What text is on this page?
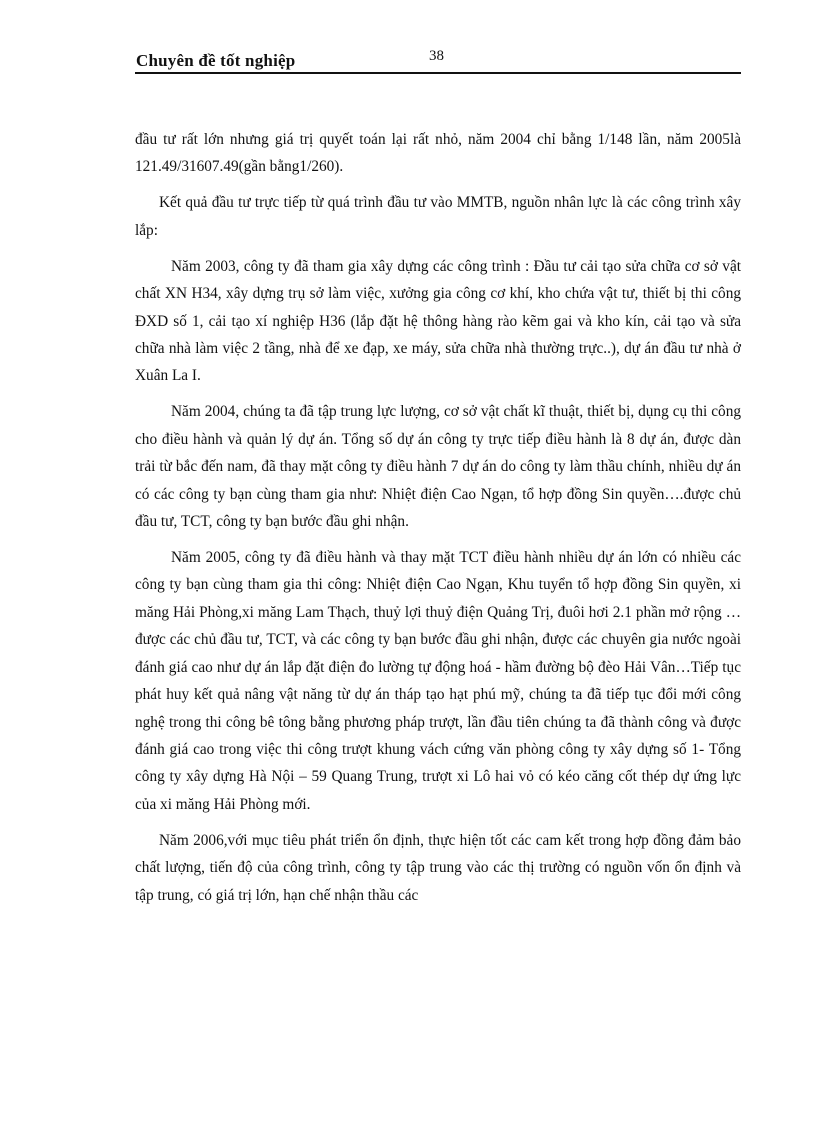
Chuyên đề tốt nghiệp	38

đầu tư rất lớn nhưng giá trị quyết toán lại rất nhỏ, năm 2004 chỉ bằng 1/148 lần, năm 2005là 121.49/31607.49(gần bằng1/260).

Kết quả đầu tư trực tiếp từ quá trình đầu tư vào MMTB, nguồn nhân lực là các công trình xây lắp:

Năm 2003, công ty đã tham gia xây dựng các công trình : Đầu tư cải tạo sửa chữa cơ sở vật chất XN H34, xây dựng trụ sở làm việc, xưởng gia công cơ khí, kho chứa vật tư, thiết bị thi công ĐXD số 1, cải tạo xí nghiệp H36 (lắp đặt hệ thông hàng rào kẽm gai và kho kín, cải tạo và sửa chữa nhà làm việc 2 tầng, nhà để xe đạp, xe máy, sửa chữa nhà thường trực..), dự án đầu tư nhà ở Xuân La I.

Năm 2004, chúng ta đã tập trung lực lượng, cơ sở vật chất kĩ thuật, thiết bị, dụng cụ thi công cho điều hành và quản lý dự án. Tổng số dự án công ty trực tiếp điều hành là 8 dự án, được dàn trải từ bắc đến nam, đã thay mặt công ty điều hành 7 dự án do công ty làm thầu chính, nhiều dự án có các công ty bạn cùng tham gia như: Nhiệt điện Cao Ngạn, tổ hợp đồng Sin quyền….được chủ đầu tư, TCT, công ty bạn bước đầu ghi nhận.

Năm 2005, công ty đã điều hành và thay mặt TCT điều hành nhiều dự án lớn có nhiều các công ty bạn cùng tham gia thi công: Nhiệt điện Cao Ngạn, Khu tuyển tổ hợp đồng Sin quyền, xi măng Hải Phòng,xi măng Lam Thạch, thuỷ lợi thuỷ điện Quảng Trị, đuôi hơi 2.1 phần mở rộng …được các chủ đầu tư, TCT, và các công ty bạn bước đầu ghi nhận, được các chuyên gia nước ngoài đánh giá cao như dự án lắp đặt điện đo lường tự động hoá - hầm đường bộ đèo Hải Vân…Tiếp tục phát huy kết quả nâng vật năng từ dự án tháp tạo hạt phú mỹ, chúng ta đã tiếp tục đổi mới công nghệ trong thi công bê tông bằng phương pháp trượt, lần đầu tiên chúng ta đã thành công và được đánh giá cao trong việc thi công trượt khung vách cứng văn phòng công ty xây dựng số 1- Tổng công ty xây dựng Hà Nội – 59 Quang Trung, trượt xi Lô hai vỏ có kéo căng cốt thép dự ứng lực của xi măng Hải Phòng mới.

Năm 2006,với mục tiêu phát triển ổn định, thực hiện tốt các cam kết trong hợp đồng đảm bảo chất lượng, tiến độ của công trình, công ty tập trung vào các thị trường có nguồn vốn ổn định và tập trung, có giá trị lớn, hạn chế nhận thầu các
